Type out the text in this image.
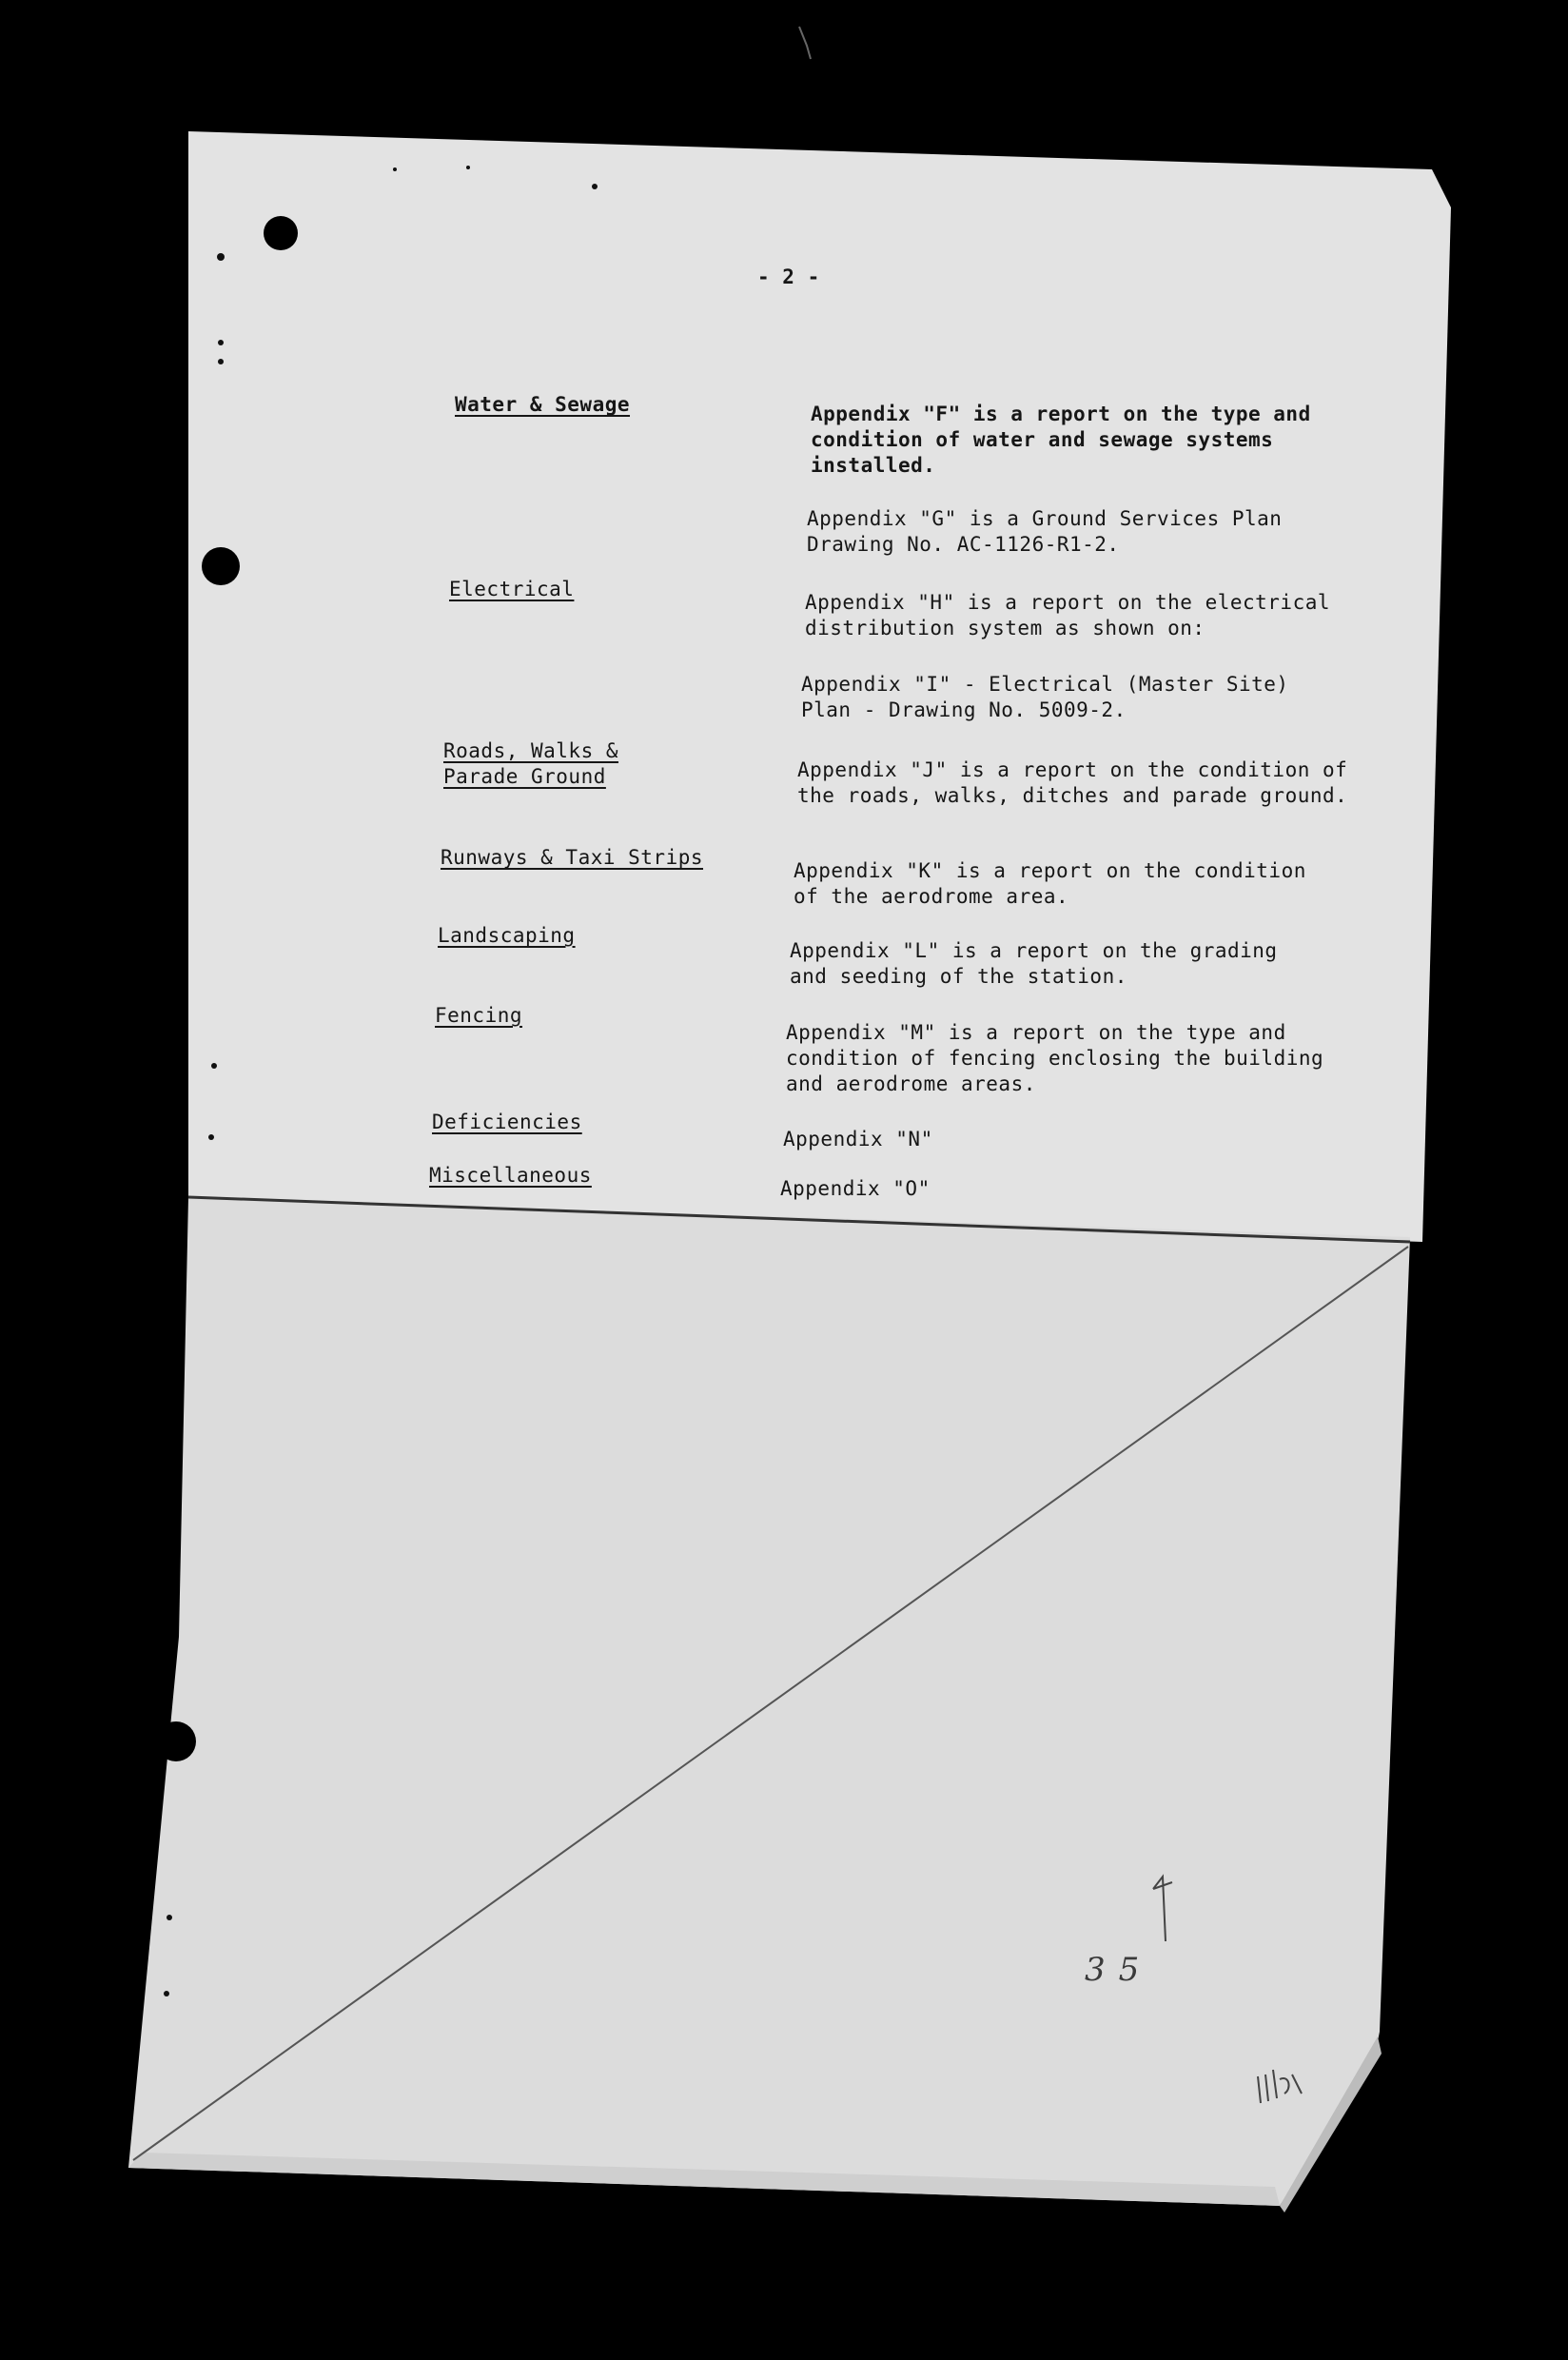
- 2 -
Water & Sewage	Appendix "F" is a report on the type and
condition of water and sewage systems
installed.
Appendix "G" is a Ground Services Plan
Drawing No. AC-1126-R1-2.
Electrical
Appendix "H" is a report on the electrical
distribution system as shown on:
Appendix "I" - Electrical (Master Site)
Plan - Drawing No. 5009-2.
Roads, Walks &
Parade Ground	Appendix "J" is a report on the condition of
the roads, walks, ditches and parade ground.
Runways & Taxi Strips
Appendix "K" is a report on the condition
of the aerodrome area.
Landscaping
Appendix "L" is a report on the grading
and seeding of the station.
Fencing
Appendix "M" is a report on the type and
condition of fencing enclosing the building
and aerodrome areas.
Deficiencies
Appendix "N"
Miscellaneous
Appendix "O"
35
